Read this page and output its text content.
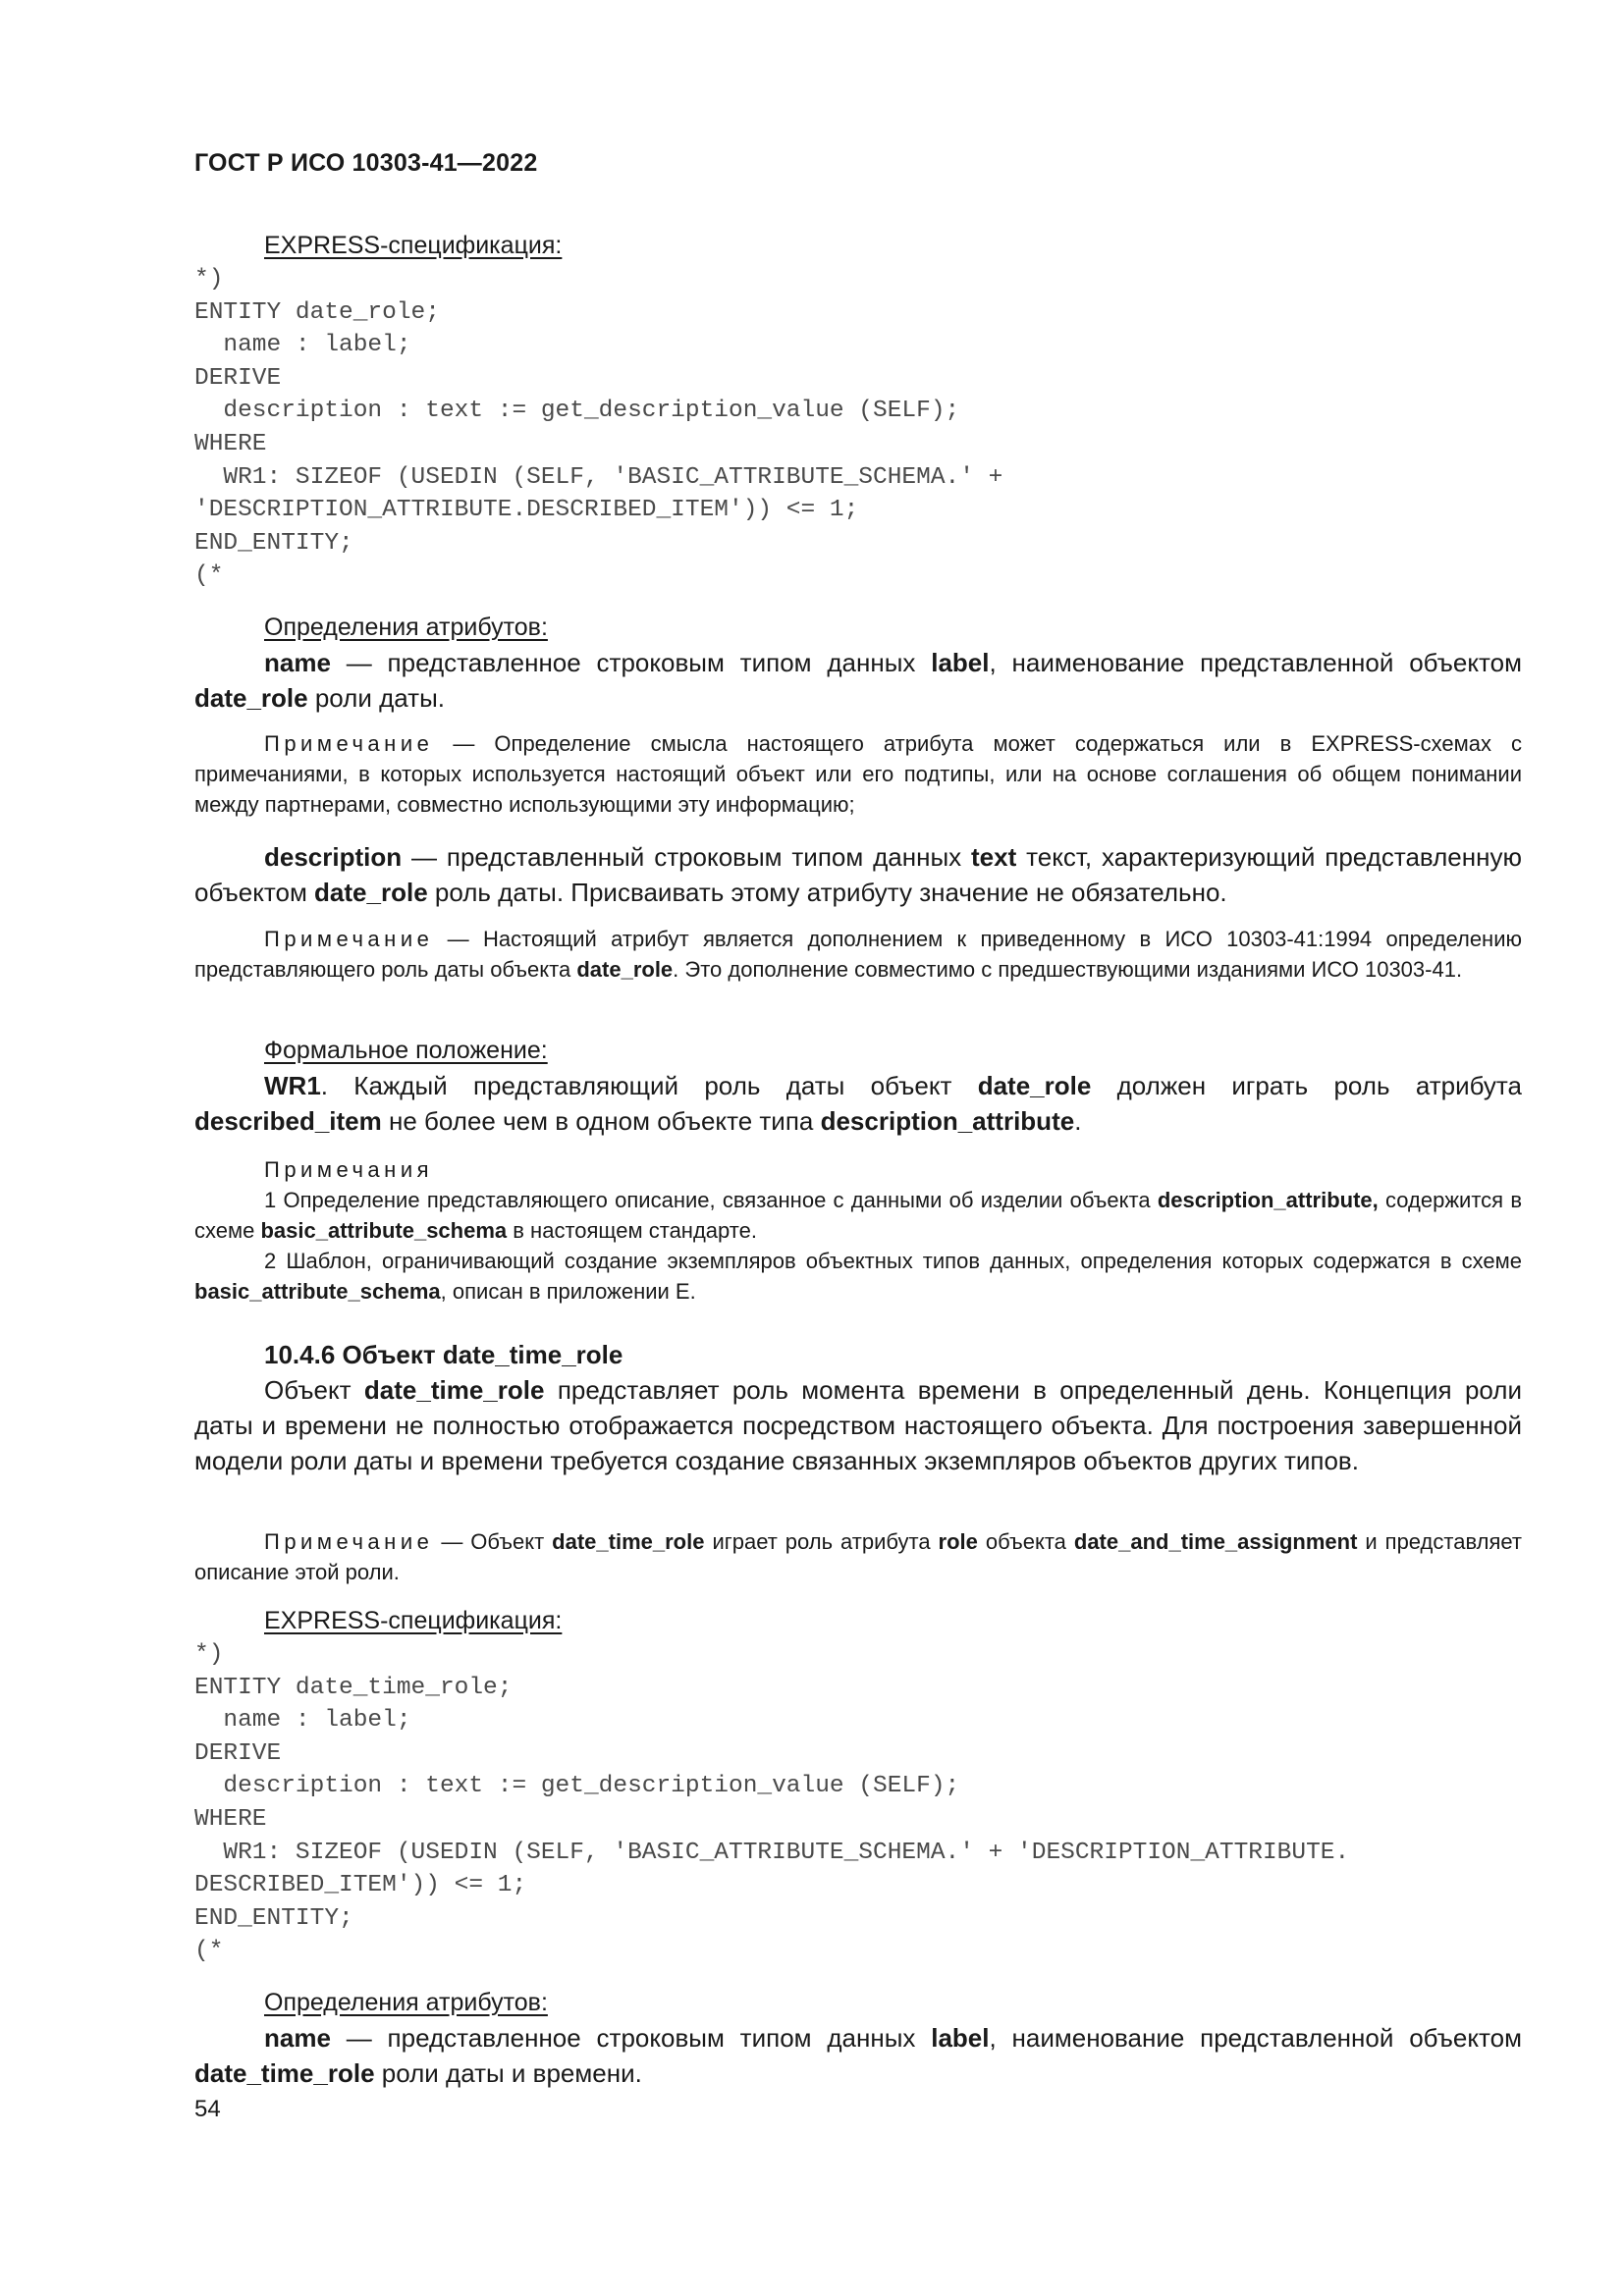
ГОСТ Р ИСО 10303-41—2022
EXPRESS-спецификация:
*)
ENTITY date_role;
name : label;
DERIVE
description : text := get_description_value (SELF);
WHERE
WR1: SIZEOF (USEDIN (SELF, 'BASIC_ATTRIBUTE_SCHEMA.' +
'DESCRIPTION_ATTRIBUTE.DESCRIBED_ITEM')) <= 1;
END_ENTITY;
(*
Определения атрибутов:

name — представленное строковым типом данных label, наименование представленной объектом date_role роли даты.

Примечание — Определение смысла настоящего атрибута может содержаться или в EXPRESS-схемах с примечаниями, в которых используется настоящий объект или его подтипы, или на основе соглашения об общем понимании между партнерами, совместно использующими эту информацию;

description — представленный строковым типом данных text текст, характеризующий представленную объектом date_role роль даты. Присваивать этому атрибуту значение не обязательно.

Примечание — Настоящий атрибут является дополнением к приведенному в ИСО 10303-41:1994 определению представляющего роль даты объекта date_role. Это дополнение совместимо с предшествующими изданиями ИСО 10303-41.

Формальное положение:

WR1. Каждый представляющий роль даты объект date_role должен играть роль атрибута described_item не более чем в одном объекте типа description_attribute.

Примечания

1 Определение представляющего описание, связанное с данными об изделии объекта description_attribute, содержится в схеме basic_attribute_schema в настоящем стандарте.

2 Шаблон, ограничивающий создание экземпляров объектных типов данных, определения которых содержатся в схеме basic_attribute_schema, описан в приложении E.

10.4.6 Объект date_time_role

Объект date_time_role представляет роль момента времени в определенный день. Концепция роли даты и времени не полностью отображается посредством настоящего объекта. Для построения завершенной модели роли даты и времени требуется создание связанных экземпляров объектов других типов.

Примечание — Объект date_time_role играет роль атрибута role объекта date_and_time_assignment и представляет описание этой роли.

EXPRESS-спецификация:
*)
ENTITY date_time_role;
name : label;
DERIVE
description : text := get_description_value (SELF);
WHERE
WR1: SIZEOF (USEDIN (SELF, 'BASIC_ATTRIBUTE_SCHEMA.' + 'DESCRIPTION_ATTRIBUTE.
DESCRIBED_ITEM')) <= 1;
END_ENTITY;
(*
Определения атрибутов:

name — представленное строковым типом данных label, наименование представленной объектом date_time_role роли даты и времени.

54
